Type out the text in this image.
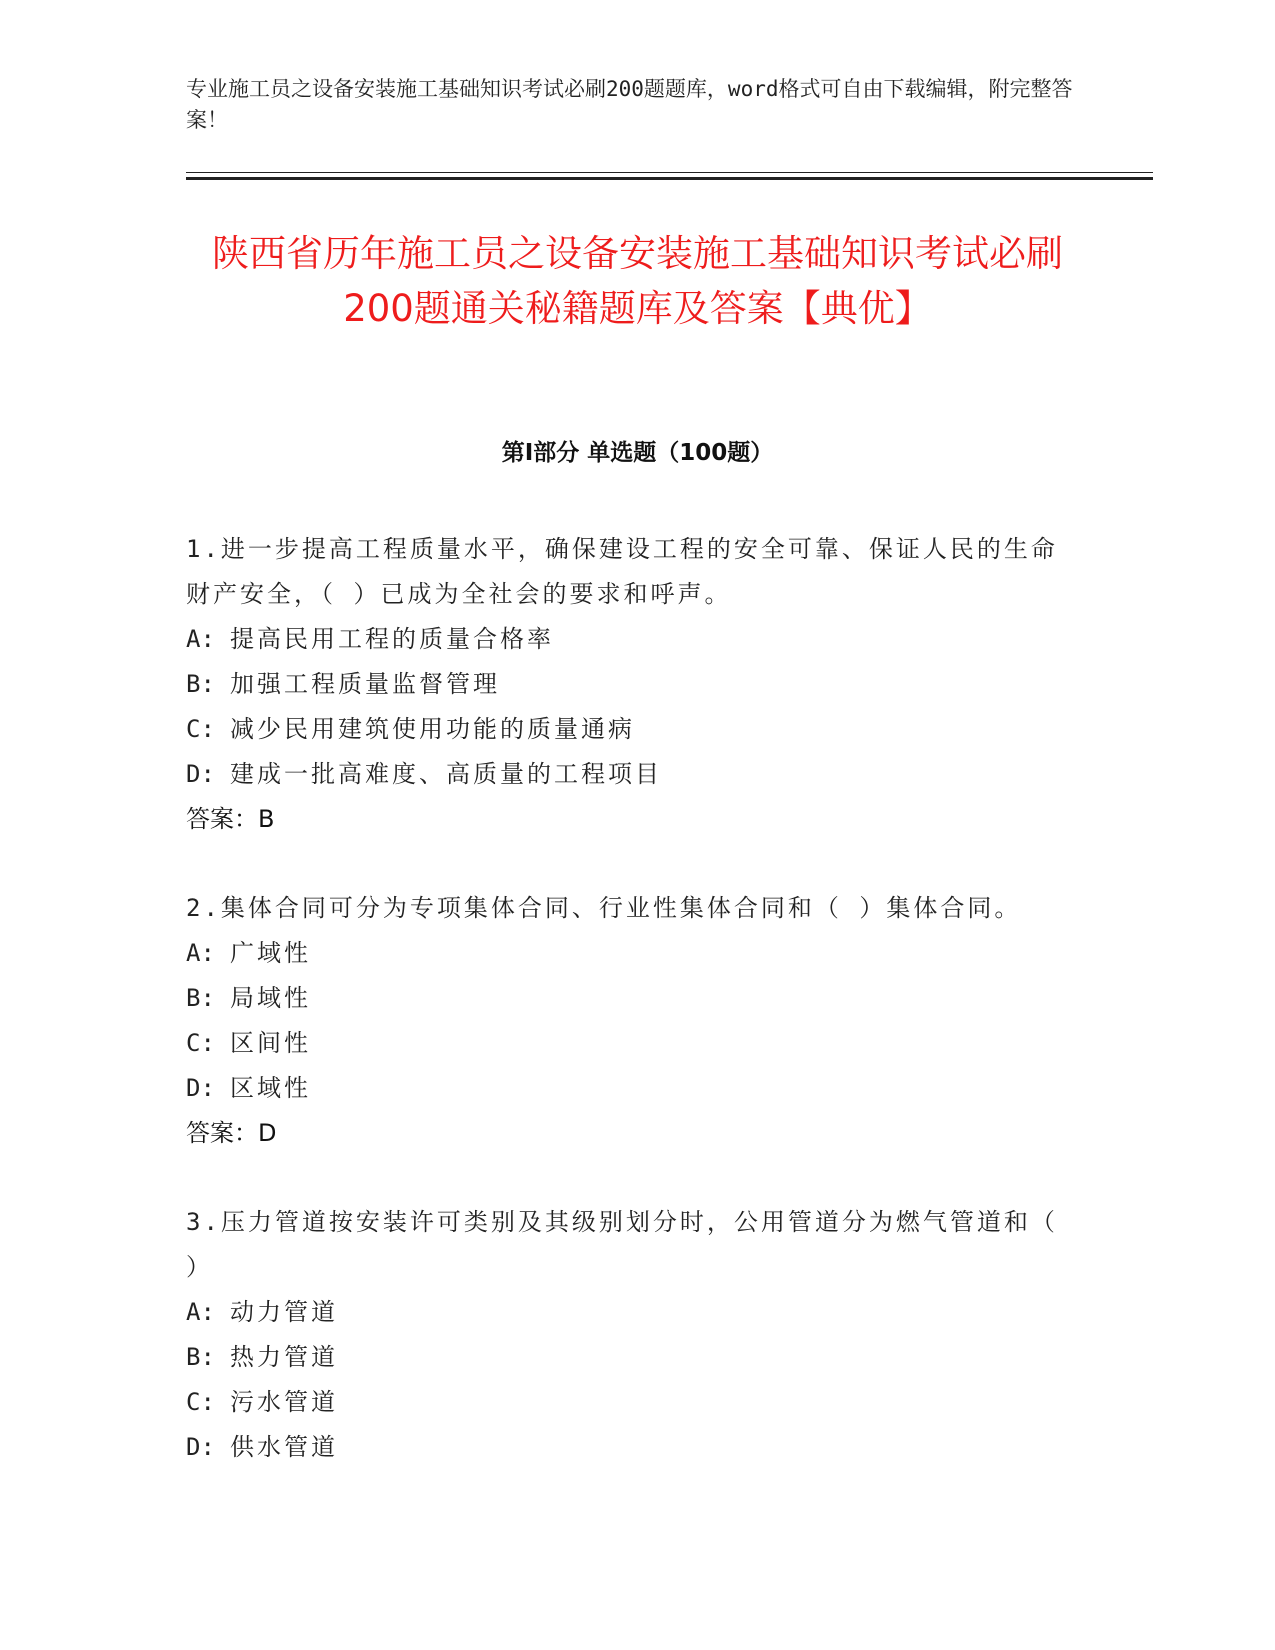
专业施工员之设备安装施工基础知识考试必刷200题题库，word格式可自由下载编辑，附完整答案！
陕西省历年施工员之设备安装施工基础知识考试必刷200题通关秘籍题库及答案【典优】
第Ⅰ部分 单选题（100题）
1.进一步提高工程质量水平，确保建设工程的安全可靠、保证人民的生命财产安全，（ ）已成为全社会的要求和呼声。
A: 提高民用工程的质量合格率
B: 加强工程质量监督管理
C: 减少民用建筑使用功能的质量通病
D: 建成一批高难度、高质量的工程项目
答案：B
2.集体合同可分为专项集体合同、行业性集体合同和（ ）集体合同。
A: 广域性
B: 局域性
C: 区间性
D: 区域性
答案：D
3.压力管道按安装许可类别及其级别划分时，公用管道分为燃气管道和（ ）
A: 动力管道
B: 热力管道
C: 污水管道
D: 供水管道
